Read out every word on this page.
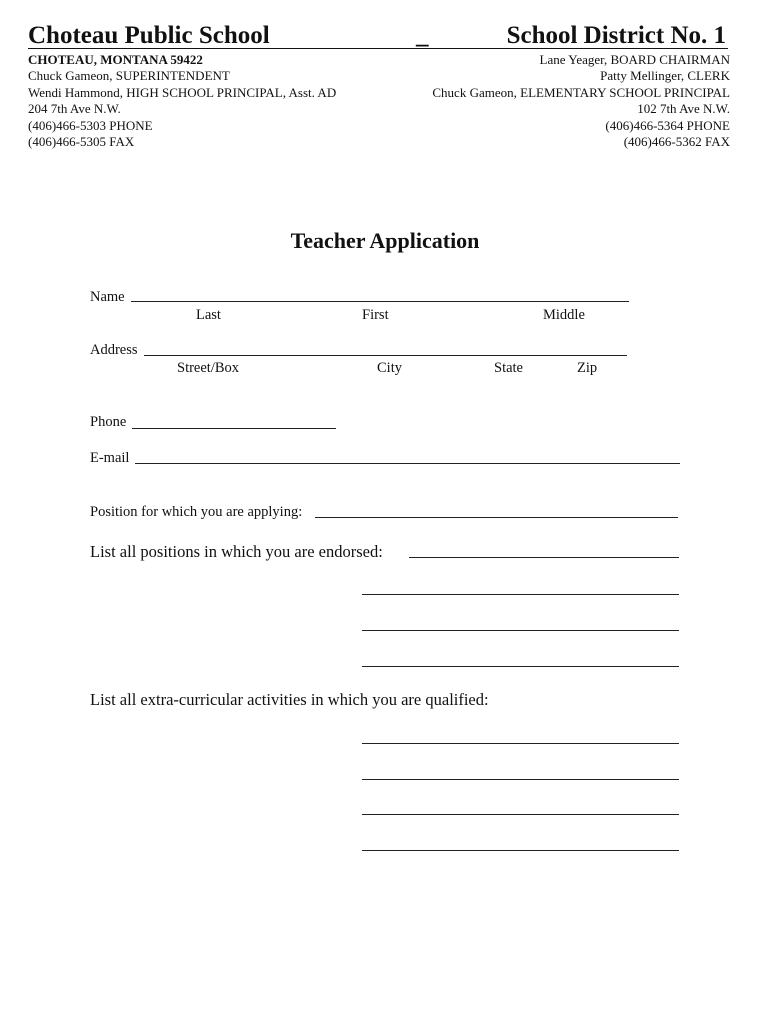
Choteau Public School	_	School District No. 1
CHOTEAU, MONTANA 59422
Chuck Gameon, SUPERINTENDENT
Wendi Hammond, HIGH SCHOOL PRINCIPAL, Asst. AD
204 7th Ave N.W.
(406)466-5303 PHONE
(406)466-5305 FAX
Lane Yeager, BOARD CHAIRMAN
Patty Mellinger, CLERK
Chuck Gameon, ELEMENTARY SCHOOL PRINCIPAL
102 7th Ave N.W.
(406)466-5364 PHONE
(406)466-5362 FAX
Teacher Application
Name
Last	First	Middle
Address
Street/Box	City	State	Zip
Phone
E-mail
Position for which you are applying:
List all positions in which you are endorsed:
List all extra-curricular activities in which you are qualified:
